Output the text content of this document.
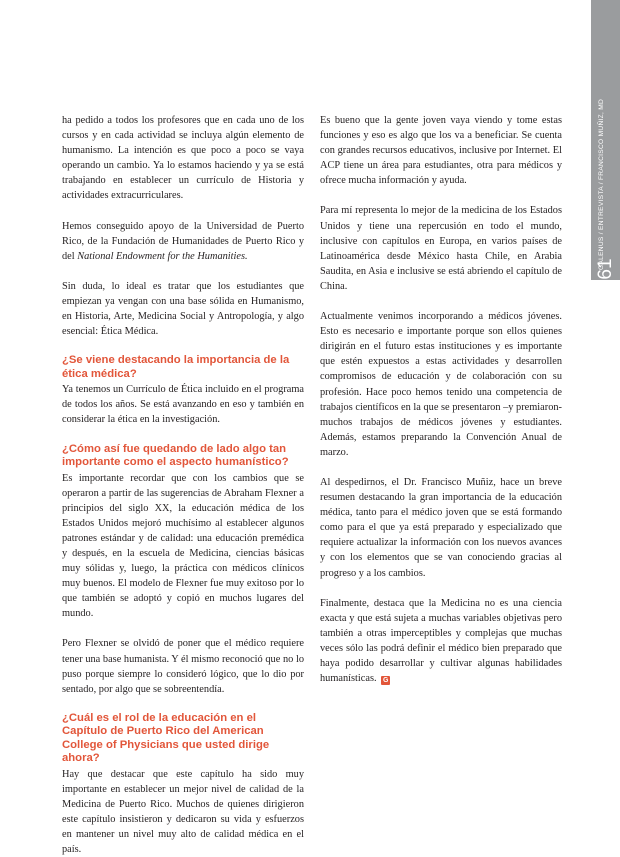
GALENUS / ENTREVISTA / FRANCISCO MUÑIZ, MD
61

ha pedido a todos los profesores que en cada uno de los cursos y en cada actividad se incluya algún elemento de humanismo. La intención es que poco a poco se vaya operando un cambio. Ya lo estamos haciendo y ya se está trabajando en establecer un currículo de Historia y actividades extracurriculares.

Hemos conseguido apoyo de la Universidad de Puerto Rico, de la Fundación de Humanidades de Puerto Rico y del National Endowment for the Humanities.

Sin duda, lo ideal es tratar que los estudiantes que empiezan ya vengan con una base sólida en Humanismo, en Historia, Arte, Medicina Social y Antropología, y algo esencial: Ética Médica.

¿Se viene destacando la importancia de la ética médica?

Ya tenemos un Currículo de Ética incluido en el programa de todos los años. Se está avanzando en eso y también en considerar la ética en la investigación.

¿Cómo así fue quedando de lado algo tan importante como el aspecto humanístico?

Es importante recordar que con los cambios que se operaron a partir de las sugerencias de Abraham Flexner a principios del siglo XX, la educación médica de los Estados Unidos mejoró muchísimo al establecer algunos patrones estándar y de calidad: una educación premédica y después, en la escuela de Medicina, ciencias básicas muy sólidas y, luego, la práctica con médicos clínicos muy buenos. El modelo de Flexner fue muy exitoso por lo que también se adoptó y copió en muchos lugares del mundo.

Pero Flexner se olvidó de poner que el médico requiere tener una base humanista. Y él mismo reconoció que no lo puso porque siempre lo consideró lógico, que lo dio por sentado, por algo que se sobreentendía.

¿Cuál es el rol de la educación en el Capítulo de Puerto Rico del American College of Physicians que usted dirige ahora?

Hay que destacar que este capítulo ha sido muy importante en establecer un mejor nivel de calidad de la Medicina de Puerto Rico. Muchos de quienes dirigieron este capítulo insistieron y dedicaron su vida y esfuerzos en mantener un nivel muy alto de calidad médica en el país.

Es bueno que la gente joven vaya viendo y tome estas funciones y eso es algo que los va a beneficiar. Se cuenta con grandes recursos educativos, inclusive por Internet. El ACP tiene un área para estudiantes, otra para médicos y ofrece mucha información y ayuda.

Para mí representa lo mejor de la medicina de los Estados Unidos y tiene una repercusión en todo el mundo, inclusive con capítulos en Europa, en varios países de Latinoamérica desde México hasta Chile, en Arabia Saudita, en Asia e inclusive se está abriendo el capítulo de China.

Actualmente venimos incorporando a médicos jóvenes. Esto es necesario e importante porque son ellos quienes dirigirán en el futuro estas instituciones y es importante que estén expuestos a estas actividades y desarrollen compromisos de educación y de colaboración con su profesión. Hace poco hemos tenido una competencia de trabajos científicos en la que se presentaron –y premiaron- muchos trabajos de médicos jóvenes y estudiantes. Además, estamos preparando la Convención Anual de marzo.

Al despedirnos, el Dr. Francisco Muñiz, hace un breve resumen destacando la gran importancia de la educación médica, tanto para el médico joven que se está formando como para el que ya está preparado y especializado que requiere actualizar la información con los nuevos avances y con los elementos que se van conociendo gracias al progreso y a los cambios.

Finalmente, destaca que la Medicina no es una ciencia exacta y que está sujeta a muchas variables objetivas pero también a otras imperceptibles y complejas que muchas veces sólo las podrá definir el médico bien preparado que haya podido desarrollar y cultivar algunas habilidades humanísticas. G
